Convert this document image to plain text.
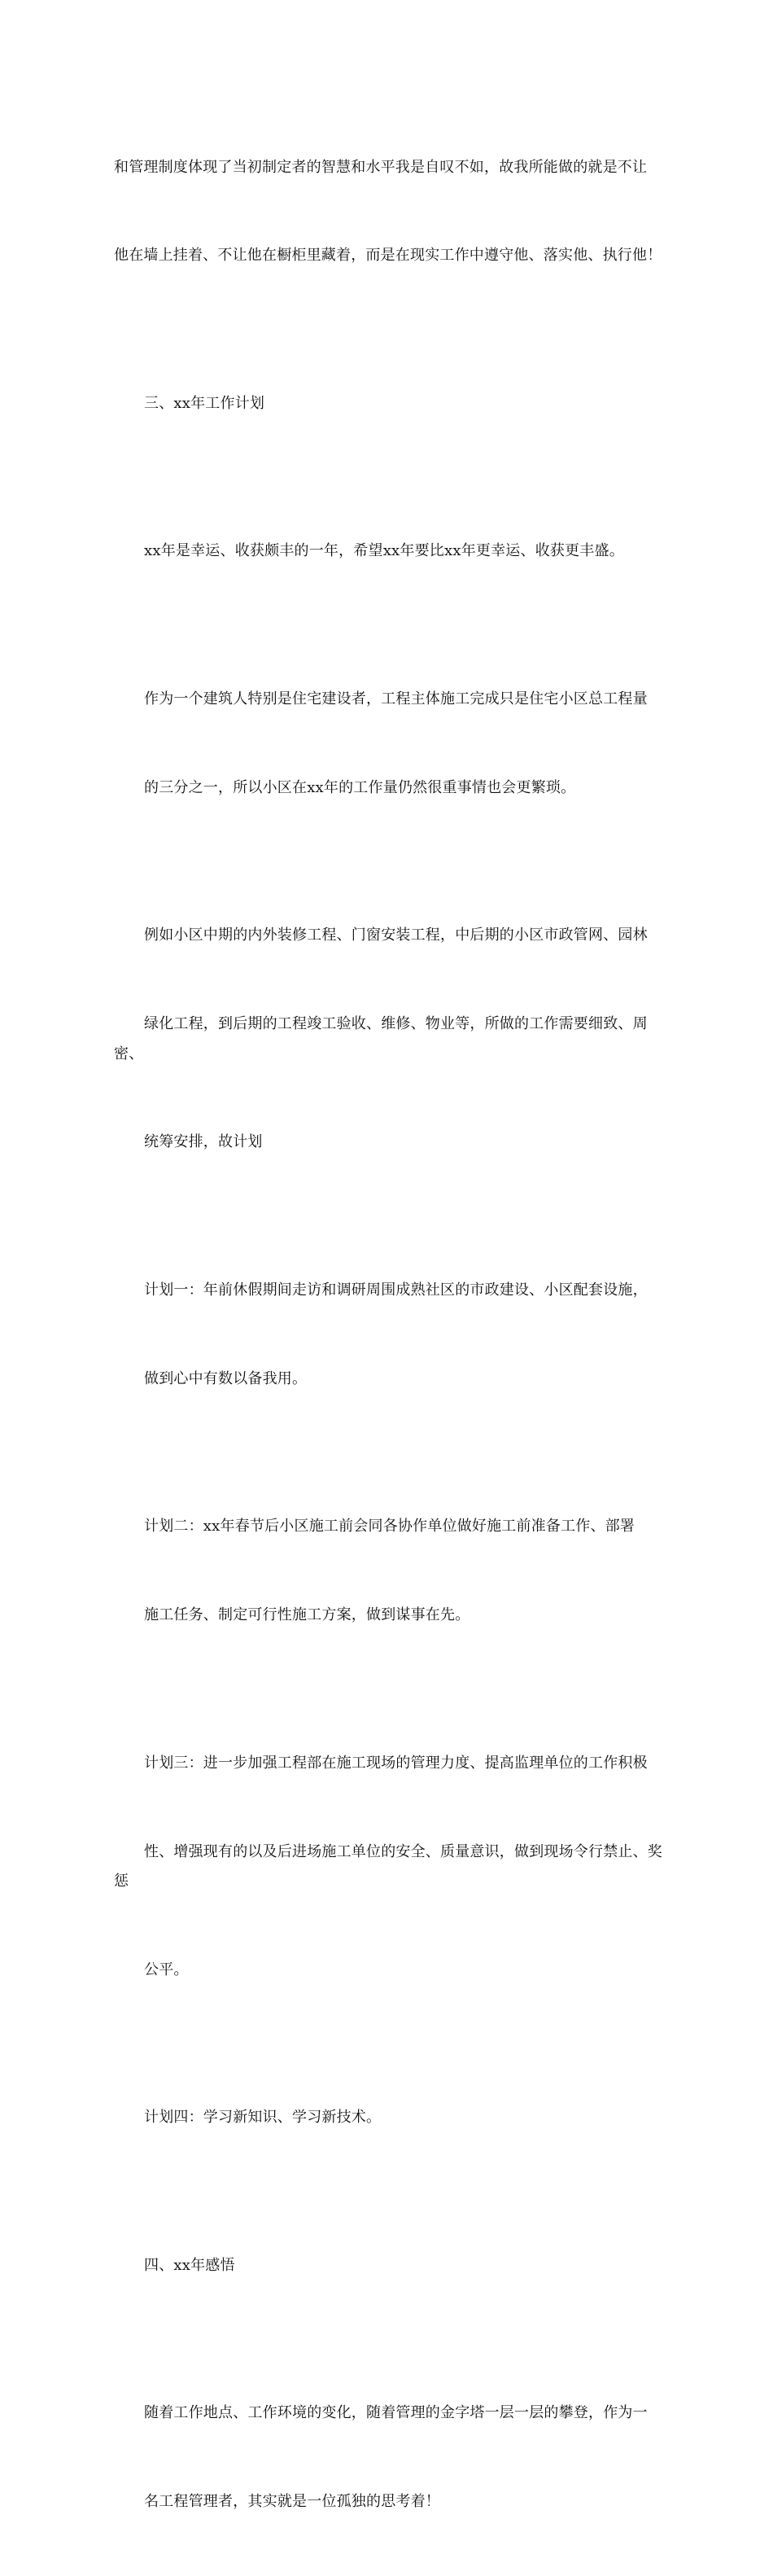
和管理制度体现了当初制定者的智慧和水平我是自叹不如，故我所能做的就是不让

他在墙上挂着、不让他在橱柜里藏着，而是在现实工作中遵守他、落实他、执行他！

三、xx年工作计划

xx年是幸运、收获颇丰的一年，希望xx年要比xx年更幸运、收获更丰盛。

作为一个建筑人特别是住宅建设者，工程主体施工完成只是住宅小区总工程量

的三分之一，所以小区在xx年的工作量仍然很重事情也会更繁琐。

例如小区中期的内外装修工程、门窗安装工程，中后期的小区市政管网、园林

绿化工程，到后期的工程竣工验收、维修、物业等，所做的工作需要细致、周密、

统筹安排，故计划

计划一：年前休假期间走访和调研周围成熟社区的市政建设、小区配套设施，

做到心中有数以备我用。

计划二：xx年春节后小区施工前会同各协作单位做好施工前准备工作、部署

施工任务、制定可行性施工方案，做到谋事在先。

计划三：进一步加强工程部在施工现场的管理力度、提高监理单位的工作积极

性、增强现有的以及后进场施工单位的安全、质量意识，做到现场令行禁止、奖惩

公平。

计划四：学习新知识、学习新技术。

四、xx年感悟

随着工作地点、工作环境的变化，随着管理的金字塔一层一层的攀登，作为一

名工程管理者，其实就是一位孤独的思考着！
